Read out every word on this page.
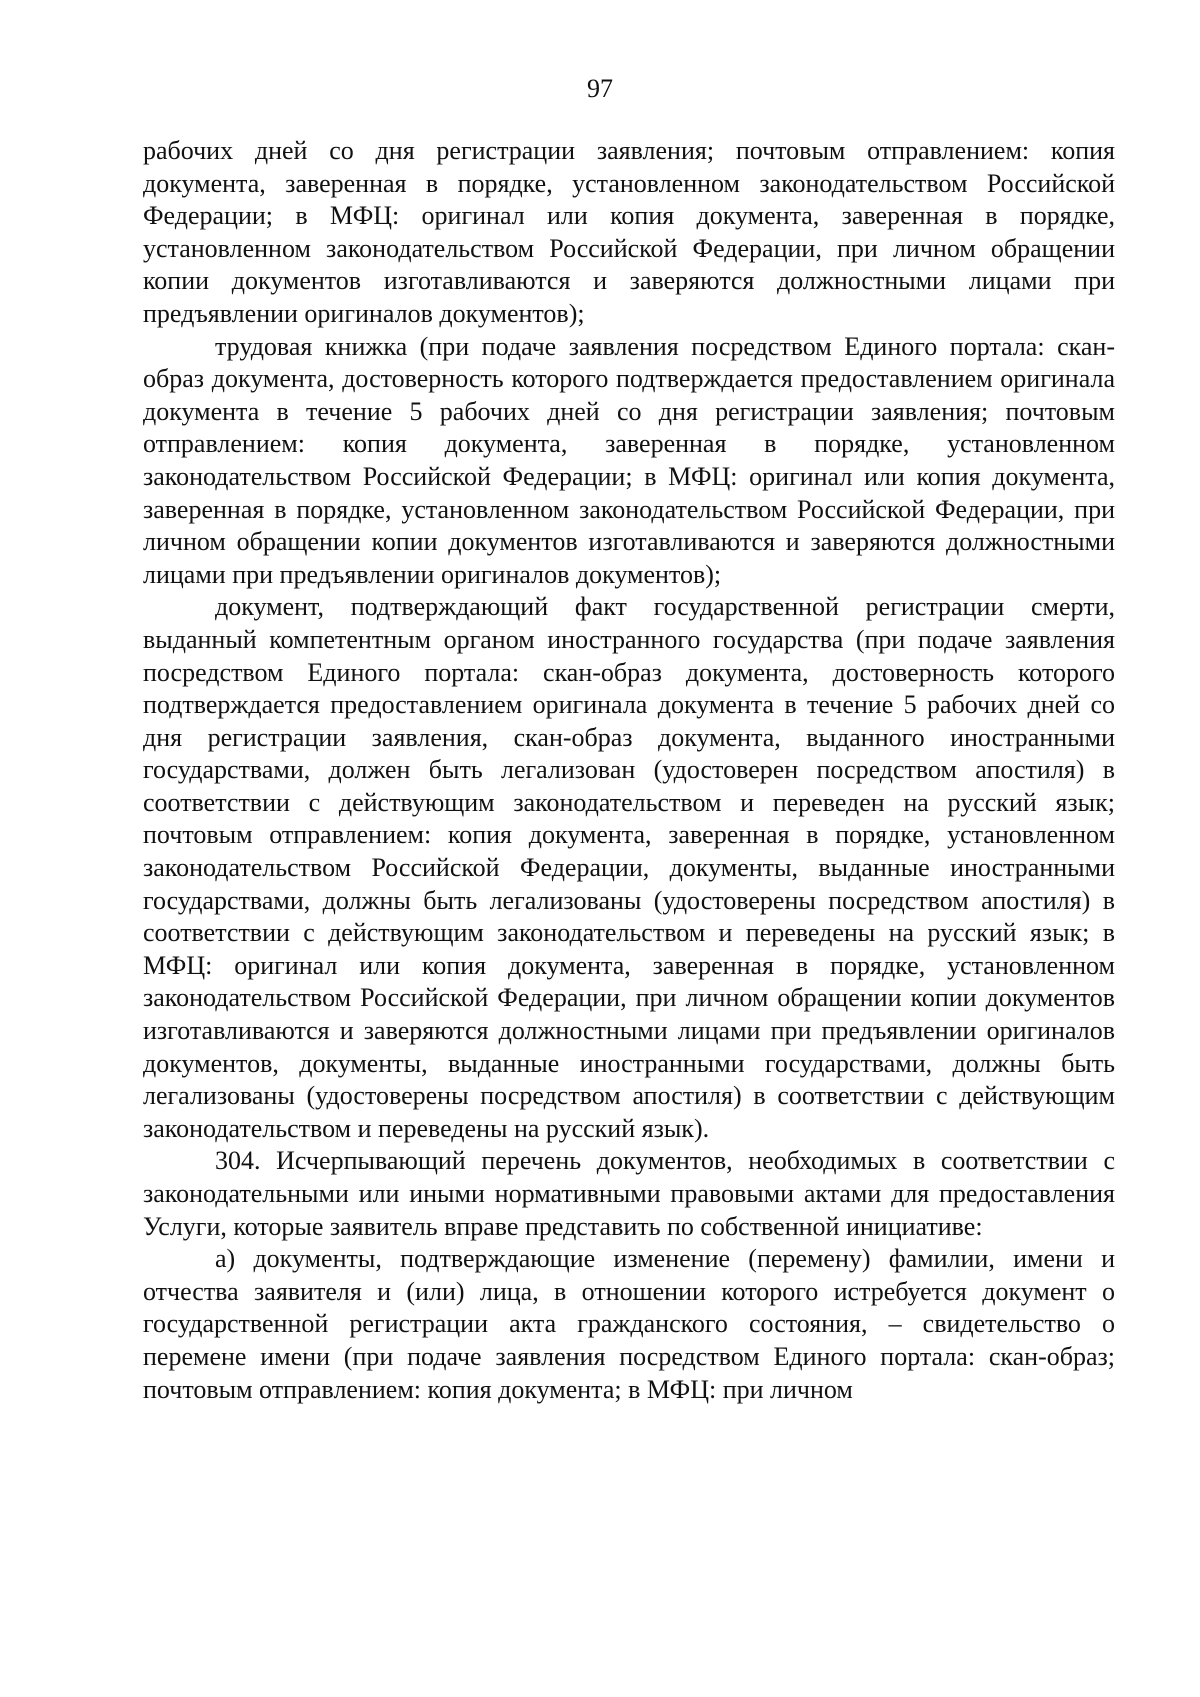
97

рабочих дней со дня регистрации заявления; почтовым отправлением: копия документа, заверенная в порядке, установленном законодательством Российской Федерации; в МФЦ: оригинал или копия документа, заверенная в порядке, установленном законодательством Российской Федерации, при личном обращении копии документов изготавливаются и заверяются должностными лицами при предъявлении оригиналов документов);

трудовая книжка (при подаче заявления посредством Единого портала: скан-образ документа, достоверность которого подтверждается предоставлением оригинала документа в течение 5 рабочих дней со дня регистрации заявления; почтовым отправлением: копия документа, заверенная в порядке, установленном законодательством Российской Федерации; в МФЦ: оригинал или копия документа, заверенная в порядке, установленном законодательством Российской Федерации, при личном обращении копии документов изготавливаются и заверяются должностными лицами при предъявлении оригиналов документов);

документ, подтверждающий факт государственной регистрации смерти, выданный компетентным органом иностранного государства (при подаче заявления посредством Единого портала: скан-образ документа, достоверность которого подтверждается предоставлением оригинала документа в течение 5 рабочих дней со дня регистрации заявления, скан-образ документа, выданного иностранными государствами, должен быть легализован (удостоверен посредством апостиля) в соответствии с действующим законодательством и переведен на русский язык; почтовым отправлением: копия документа, заверенная в порядке, установленном законодательством Российской Федерации, документы, выданные иностранными государствами, должны быть легализованы (удостоверены посредством апостиля) в соответствии с действующим законодательством и переведены на русский язык; в МФЦ: оригинал или копия документа, заверенная в порядке, установленном законодательством Российской Федерации, при личном обращении копии документов изготавливаются и заверяются должностными лицами при предъявлении оригиналов документов, документы, выданные иностранными государствами, должны быть легализованы (удостоверены посредством апостиля) в соответствии с действующим законодательством и переведены на русский язык).

304. Исчерпывающий перечень документов, необходимых в соответствии с законодательными или иными нормативными правовыми актами для предоставления Услуги, которые заявитель вправе представить по собственной инициативе:

а) документы, подтверждающие изменение (перемену) фамилии, имени и отчества заявителя и (или) лица, в отношении которого истребуется документ о государственной регистрации акта гражданского состояния, – свидетельство о перемене имени (при подаче заявления посредством Единого портала: скан-образ; почтовым отправлением: копия документа; в МФЦ: при личном
